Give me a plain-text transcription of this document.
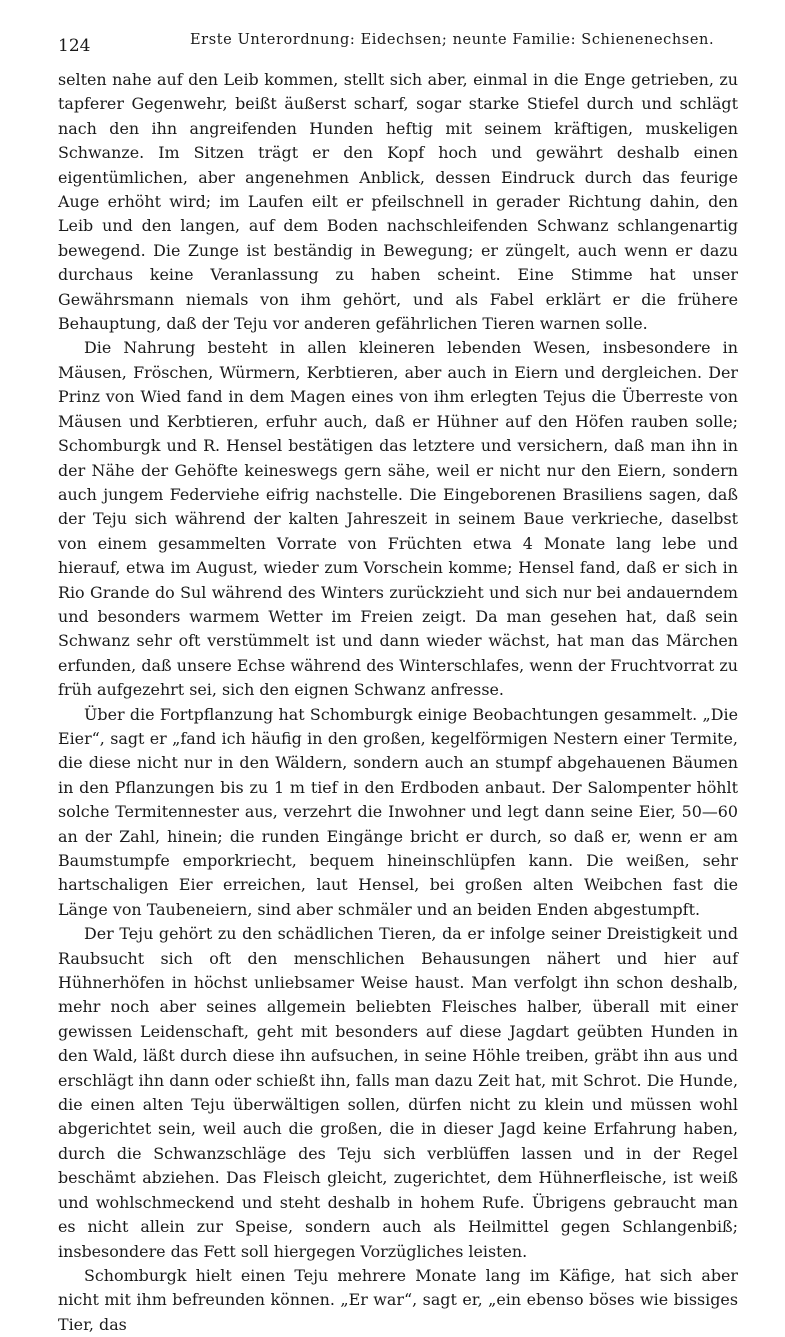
124	Erste Unterordnung: Eidechsen; neunte Familie: Schienenechsen.

selten nahe auf den Leib kommen, stellt sich aber, einmal in die Enge getrieben, zu tapferer Gegenwehr, beißt äußerst scharf, sogar starke Stiefel durch und schlägt nach den ihn angreifenden Hunden heftig mit seinem kräftigen, muskeligen Schwanze. Im Sitzen trägt er den Kopf hoch und gewährt deshalb einen eigentümlichen, aber angenehmen Anblick, dessen Eindruck durch das feurige Auge erhöht wird; im Laufen eilt er pfeilschnell in gerader Richtung dahin, den Leib und den langen, auf dem Boden nachschleifenden Schwanz schlangenartig bewegend. Die Zunge ist beständig in Bewegung; er züngelt, auch wenn er dazu durchaus keine Veranlassung zu haben scheint. Eine Stimme hat unser Gewährsmann niemals von ihm gehört, und als Fabel erklärt er die frühere Behauptung, daß der Teju vor anderen gefährlichen Tieren warnen solle.

Die Nahrung besteht in allen kleineren lebenden Wesen, insbesondere in Mäusen, Fröschen, Würmern, Kerbtieren, aber auch in Eiern und dergleichen. Der Prinz von Wied fand in dem Magen eines von ihm erlegten Tejus die Überreste von Mäusen und Kerbtieren, erfuhr auch, daß er Hühner auf den Höfen rauben solle; Schomburgk und R. Hensel bestätigen das letztere und versichern, daß man ihn in der Nähe der Gehöfte keineswegs gern sähe, weil er nicht nur den Eiern, sondern auch jungem Federviehe eifrig nachstelle. Die Eingeborenen Brasiliens sagen, daß der Teju sich während der kalten Jahreszeit in seinem Baue verkrieche, daselbst von einem gesammelten Vorrate von Früchten etwa 4 Monate lang lebe und hierauf, etwa im August, wieder zum Vorschein komme; Hensel fand, daß er sich in Rio Grande do Sul während des Winters zurückzieht und sich nur bei andauerndem und besonders warmem Wetter im Freien zeigt. Da man gesehen hat, daß sein Schwanz sehr oft verstümmelt ist und dann wieder wächst, hat man das Märchen erfunden, daß unsere Echse während des Winterschlafes, wenn der Fruchtvorrat zu früh aufgezehrt sei, sich den eignen Schwanz anfresse.

Über die Fortpflanzung hat Schomburgk einige Beobachtungen gesammelt. „Die Eier“, sagt er „fand ich häufig in den großen, kegelförmigen Nestern einer Termite, die diese nicht nur in den Wäldern, sondern auch an stumpf abgehauenen Bäumen in den Pflanzungen bis zu 1 m tief in den Erdboden anbaut. Der Salompenter höhlt solche Termitennester aus, verzehrt die Inwohner und legt dann seine Eier, 50—60 an der Zahl, hinein; die runden Eingänge bricht er durch, so daß er, wenn er am Baumstumpfe emporkriecht, bequem hineinschlüpfen kann. Die weißen, sehr hartschaligen Eier erreichen, laut Hensel, bei großen alten Weibchen fast die Länge von Taubeneiern, sind aber schmäler und an beiden Enden abgestumpft.

Der Teju gehört zu den schädlichen Tieren, da er infolge seiner Dreistigkeit und Raubsucht sich oft den menschlichen Behausungen nähert und hier auf Hühnerhöfen in höchst unliebsamer Weise haust. Man verfolgt ihn schon deshalb, mehr noch aber seines allgemein beliebten Fleisches halber, überall mit einer gewissen Leidenschaft, geht mit besonders auf diese Jagdart geübten Hunden in den Wald, läßt durch diese ihn aufsuchen, in seine Höhle treiben, gräbt ihn aus und erschlägt ihn dann oder schießt ihn, falls man dazu Zeit hat, mit Schrot. Die Hunde, die einen alten Teju überwältigen sollen, dürfen nicht zu klein und müssen wohl abgerichtet sein, weil auch die großen, die in dieser Jagd keine Erfahrung haben, durch die Schwanzschläge des Teju sich verblüffen lassen und in der Regel beschämt abziehen. Das Fleisch gleicht, zugerichtet, dem Hühnerfleische, ist weiß und wohlschmeckend und steht deshalb in hohem Rufe. Übrigens gebraucht man es nicht allein zur Speise, sondern auch als Heilmittel gegen Schlangenbiß; insbesondere das Fett soll hiergegen Vorzügliches leisten.

Schomburgk hielt einen Teju mehrere Monate lang im Käfige, hat sich aber nicht mit ihm befreunden können. „Er war“, sagt er, „ein ebenso böses wie bissiges Tier, das
